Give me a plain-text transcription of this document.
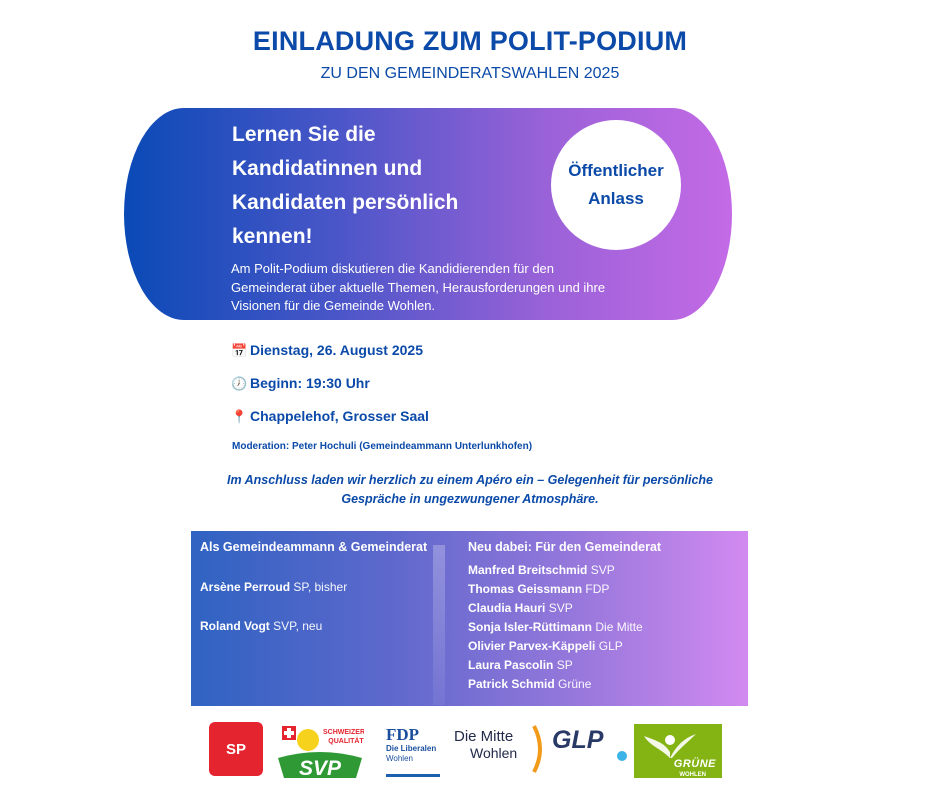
EINLADUNG ZUM POLIT-PODIUM
ZU DEN GEMEINDERATSWAHLEN 2025
Lernen Sie die
Kandidatinnen und
Kandidaten persönlich
kennen!
Am Polit-Podium diskutieren die Kandidierenden für den
Gemeinderat über aktuelle Themen, Herausforderungen und ihre
Visionen für die Gemeinde Wohlen.
Öffentlicher
Anlass
📅 Dienstag, 26. August 2025
🕖 Beginn: 19:30 Uhr
📍 Chappelehof, Grosser Saal
Moderation: Peter Hochuli (Gemeindeammann Unterlunkhofen)
Im Anschluss laden wir herzlich zu einem Apéro ein – Gelegenheit für persönliche
Gespräche in ungezwungener Atmosphäre.
Als Gemeindeammann & Gemeinderat
Arsène Perroud SP, bisher
Roland Vogt SVP, neu
Neu dabei: Für den Gemeinderat
Manfred Breitschmid SVP
Thomas Geissmann FDP
Claudia Hauri SVP
Sonja Isler-Rüttimann Die Mitte
Olivier Parvex-Käppeli GLP
Laura Pascolin SP
Patrick Schmid Grüne
SP
SVP
SCHWEIZER
QUALITÄT FDP
Die Liberalen
Wohlen
Die Mitte
Wohlen GLP
GRÜNE
WOHLEN
